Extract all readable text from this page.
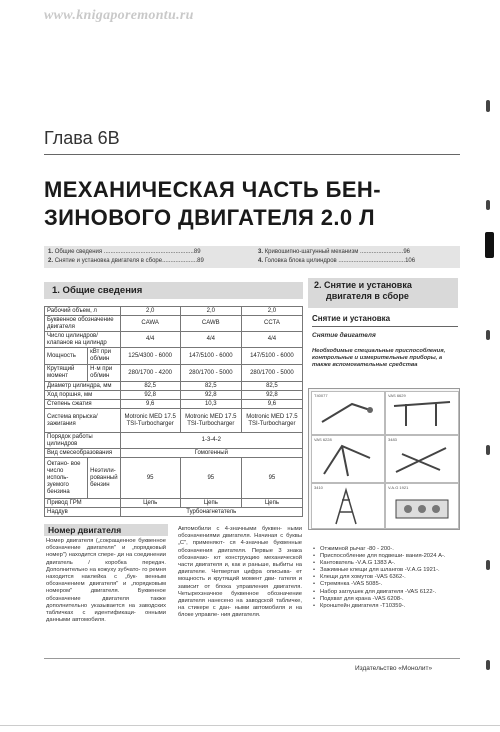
www.knigaporemontu.ru
Глава 6В
МЕХАНИЧЕСКАЯ ЧАСТЬ БЕН-
ЗИНОВОГО ДВИГАТЕЛЯ 2.0 Л
1. Общие сведения ......................................................89
2. Снятие и установка двигателя в сборе.....................89
3. Кривошипно-шатунный механизм ..........................96
4. Головка блока цилиндров ........................................106
1. Общие сведения	2. Снятие и установка
двигателя в сборе
Рабочий объем, л		2,0	2,0	2,0
Буквенное обозначение двигателя		CAWA	CAWB	CCTA
Число цилиндров/ клапанов на цилиндр		4/4	4/4	4/4
Мощность	кВт при об/мин	125/4300 - 6000	147/5100 - 6000	147/5100 - 6000
Крутящий момент	Н·м при об/мин	280/1700 - 4200	280/1700 - 5000	280/1700 - 5000
Диаметр цилиндра, мм		82,5	82,5	82,5
Ход поршня, мм		92,8	92,8	92,8
Степень сжатия		9,6	10,3	9,6
Система впрыска/ зажигания		Motronic MED 17.5 TSI-Turbocharger	Motronic MED 17.5 TSI-Turbocharger	Motronic MED 17.5 TSI-Turbocharger
Порядок работы цилиндров		1-3-4-2		
Вид смесеобразования		Гомогенный		
Октано- вое число исполь- зуемого бензина	Неэтили- рованный бензин	95	95	95
Привод ГРМ		Цепь	Цепь	Цепь
Наддув		Турбонагнетатель		
Номер двигателя
Номер двигателя („сокращенное буквенное обозначение двигателя" и „порядковый номер") находится спере- ди на соединении двигатель / коробка передач. Дополнительно на кожуху зубчато- го ремня находится наклейка с „бук- венным обозначением двигателя" и „порядковым номером" двигателя. Буквенное обозначение двигателя также дополнительно указывается на заводских табличках с идентификаци- онными данными автомобиля.
Автомобили с 4-значными буквен- ными обозначениями двигателя. Начиная с буквы „С", применяют- ся 4-значные буквенные обозначения двигателя. Первые 3 знака обозначаю- ют конструкцию механической части двигателя и, как и раньше, выбиты на двигателе. Четвертая цифра описыва- ет мощность и крутящий момент дви- гателя и зависит от блока управления двигателя. Четырехзначное буквенное обозначение двигателя нанесено на заводской табличке, на стикере с дан- ными автомобиля и на блоке управле- ния двигателя.
Снятие и установка
Снятие двигателя
Необходимые специальные приспособления, контрольные и измерительные приборы, а также вспомогательные средства
T40077	VAS 6629
VAS 6228	3483
3410	V.A.G 1921
• Отжимной рычаг -80 - 200-.
• Приспособление для подвеши- вания-2024 A-.
• Кантователь -V.A.G 1383 A-.
• Зажимные клещи для шлангов -V.A.G 1921-.
• Клещи для хомутов -VAS 6362-.
• Стремянка -VAS 5085-.
• Набор заглушек для двигателя -VAS 6122-.
• Подхват для крана -VAS 6208-.
• Кронштейн двигателя -T10359-.
Издательство «Монолит»
